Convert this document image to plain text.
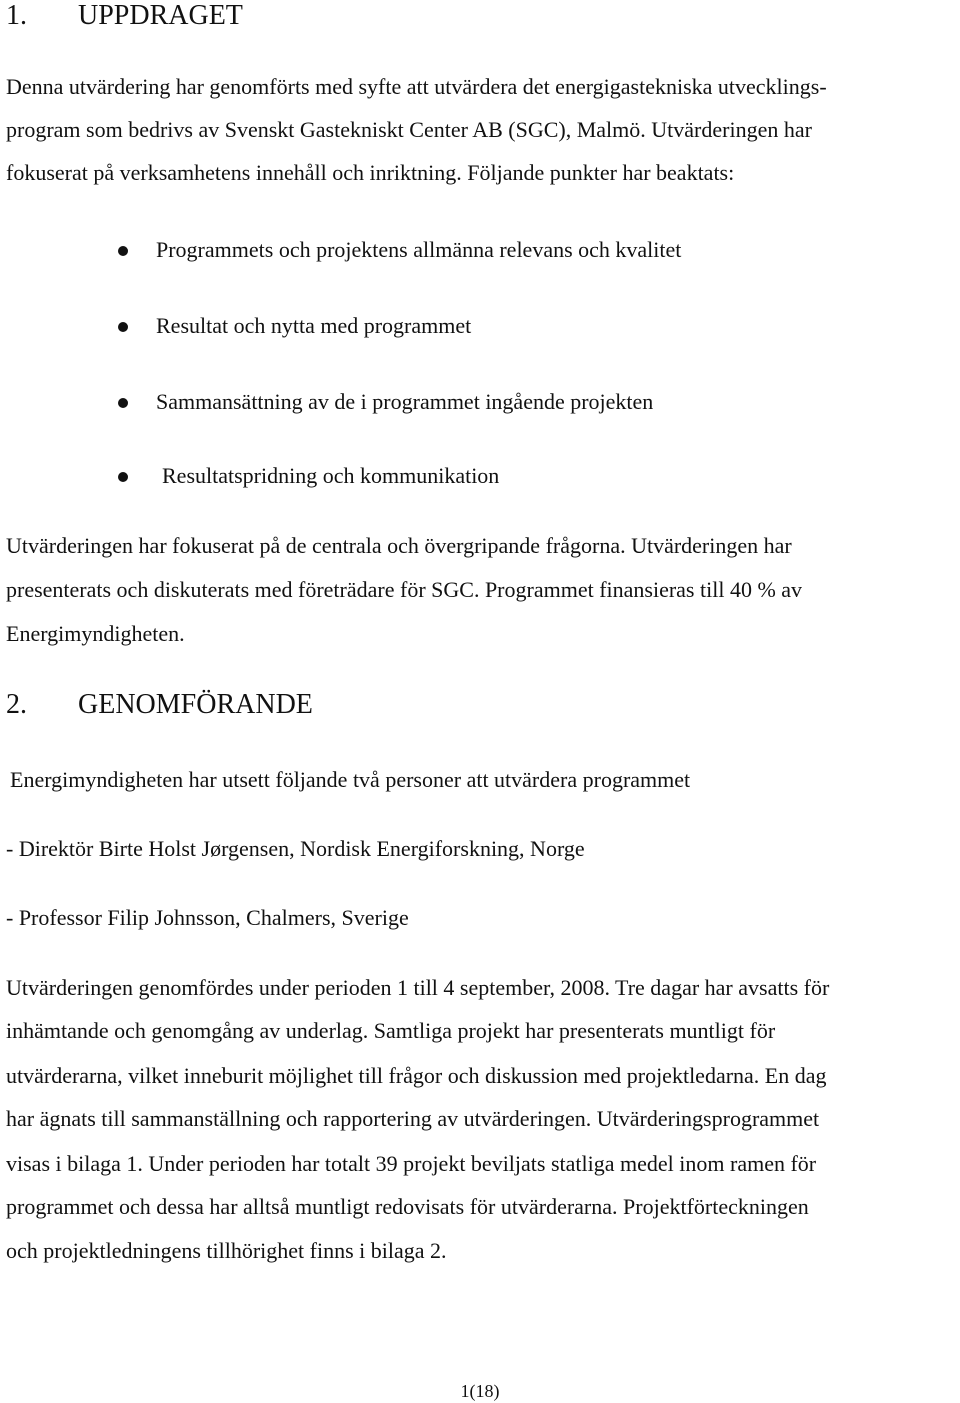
1. UPPDRAGET
Denna utvärdering har genomförts med syfte att utvärdera det energigastekniska utvecklings-
program som bedrivs av Svenskt Gastekniskt Center AB (SGC), Malmö. Utvärderingen har
fokuserat på verksamhetens innehåll och inriktning. Följande punkter har beaktats:
Programmets och projektens allmänna relevans och kvalitet
Resultat och nytta med programmet
Sammansättning av de i programmet ingående projekten
Resultatspridning och kommunikation
Utvärderingen har fokuserat på de centrala och övergripande frågorna. Utvärderingen har
presenterats och diskuterats med företrädare för SGC. Programmet finansieras till 40 % av
Energimyndigheten.
2. GENOMFÖRANDE
Energimyndigheten har utsett följande två personer att utvärdera programmet
- Direktör Birte Holst Jørgensen, Nordisk Energiforskning, Norge
- Professor Filip Johnsson, Chalmers, Sverige
Utvärderingen genomfördes under perioden 1 till 4 september, 2008. Tre dagar har avsatts för
inhämtande och genomgång av underlag. Samtliga projekt har presenterats muntligt för
utvärderarna, vilket inneburit möjlighet till frågor och diskussion med projektledarna. En dag
har ägnats till sammanställning och rapportering av utvärderingen. Utvärderingsprogrammet
visas i bilaga 1. Under perioden har totalt 39 projekt beviljats statliga medel inom ramen för
programmet och dessa har alltså muntligt redovisats för utvärderarna. Projektförteckningen
och projektledningens tillhörighet finns i bilaga 2.
1(18)
